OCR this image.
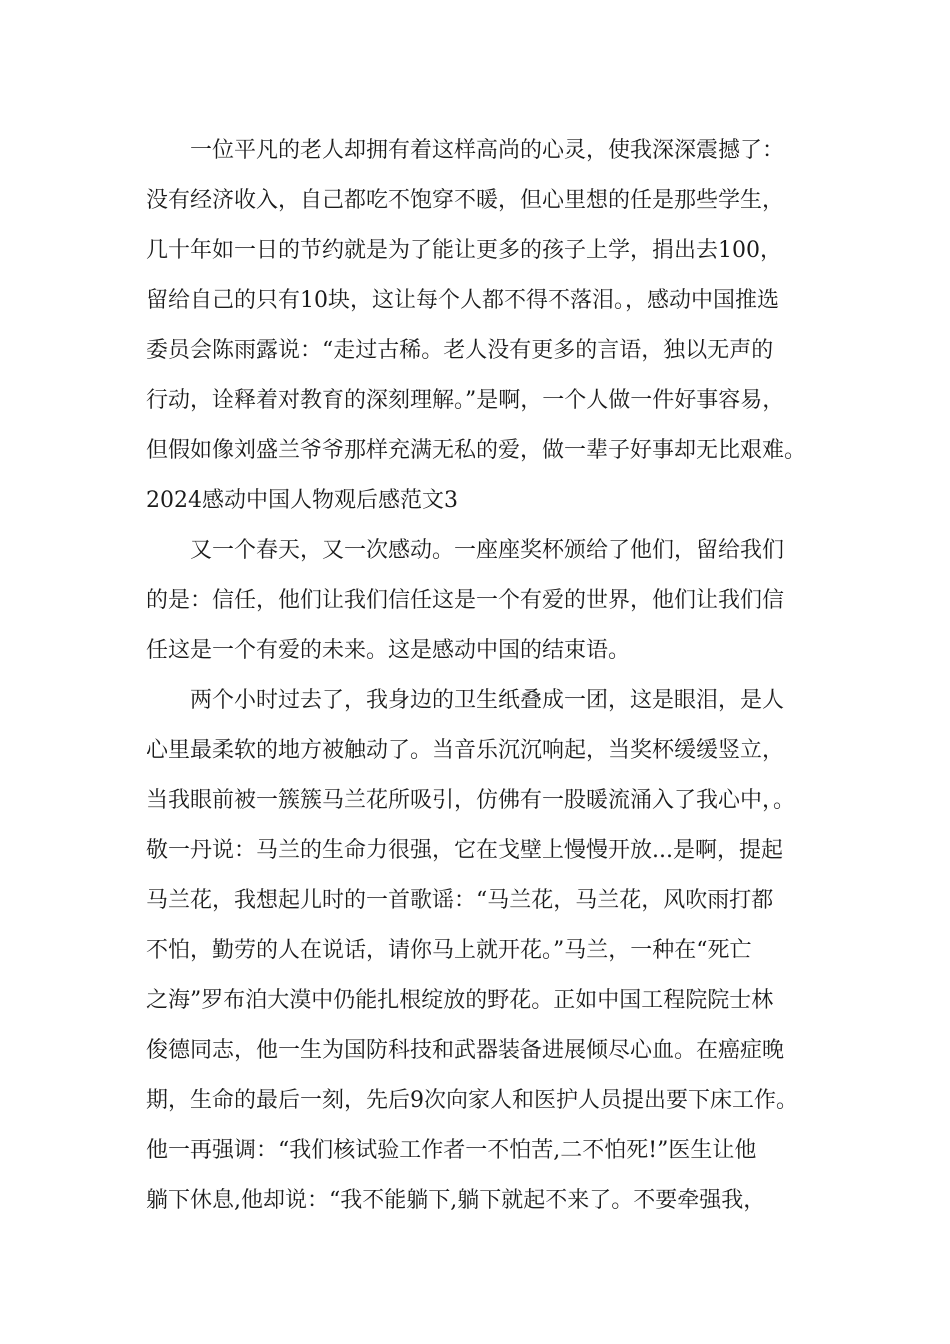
一位平凡的老人却拥有着这样高尚的心灵，使我深深震撼了：
没有经济收入，自己都吃不饱穿不暖，但心里想的任是那些学生，
几十年如一日的节约就是为了能让更多的孩子上学，捐出去100，
留给自己的只有10块，这让每个人都不得不落泪。，感动中国推选
委员会陈雨露说：“走过古稀。老人没有更多的言语，独以无声的
行动，诠释着对教育的深刻理解。”是啊，一个人做一件好事容易，
但假如像刘盛兰爷爷那样充满无私的爱，做一辈子好事却无比艰难。
2024感动中国人物观后感范文3
又一个春天，又一次感动。一座座奖杯颁给了他们，留给我们
的是：信任，他们让我们信任这是一个有爱的世界，他们让我们信
任这是一个有爱的未来。这是感动中国的结束语。
两个小时过去了，我身边的卫生纸叠成一团，这是眼泪，是人
心里最柔软的地方被触动了。当音乐沉沉响起，当奖杯缓缓竖立，
当我眼前被一簇簇马兰花所吸引，仿佛有一股暖流涌入了我心中，。
敬一丹说：马兰的生命力很强，它在戈壁上慢慢开放...是啊，提起
马兰花，我想起儿时的一首歌谣：“马兰花，马兰花，风吹雨打都
不怕，勤劳的人在说话，请你马上就开花。”马兰，一种在“死亡
之海”罗布泊大漠中仍能扎根绽放的野花。正如中国工程院院士林
俊德同志，他一生为国防科技和武器装备进展倾尽心血。在癌症晚
期，生命的最后一刻，先后9次向家人和医护人员提出要下床工作。
他一再强调：“我们核试验工作者一不怕苦,二不怕死!”医生让他
躺下休息,他却说：“我不能躺下,躺下就起不来了。不要牵强我，
